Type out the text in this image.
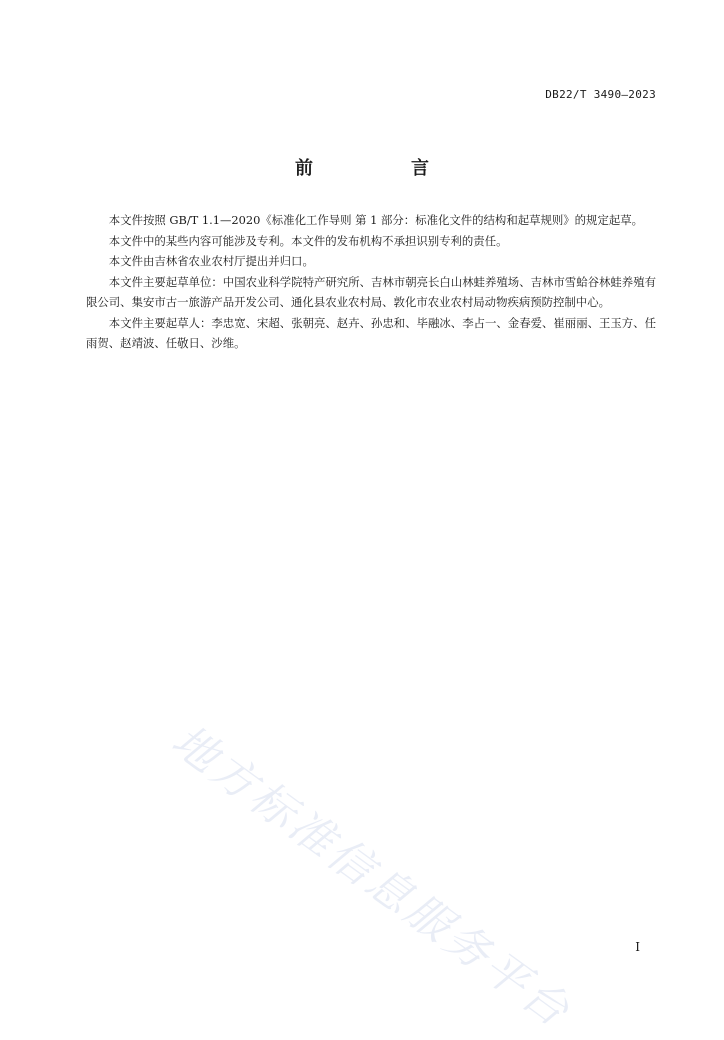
DB22/T 3490—2023
前　言

本文件按照 GB/T 1.1—2020《标准化工作导则 第 1 部分：标准化文件的结构和起草规则》的规定起草。

本文件中的某些内容可能涉及专利。本文件的发布机构不承担识别专利的责任。

本文件由吉林省农业农村厅提出并归口。

本文件主要起草单位：中国农业科学院特产研究所、吉林市朝亮长白山林蛙养殖场、吉林市雪蛤谷林蛙养殖有限公司、集安市古一旅游产品开发公司、通化县农业农村局、敦化市农业农村局动物疾病预防控制中心。

本文件主要起草人：李忠宽、宋超、张朝亮、赵卉、孙忠和、毕融冰、李占一、金春爱、崔丽丽、王玉方、任雨贺、赵靖波、任敬日、沙维。

地方标准信息服务平台	I
